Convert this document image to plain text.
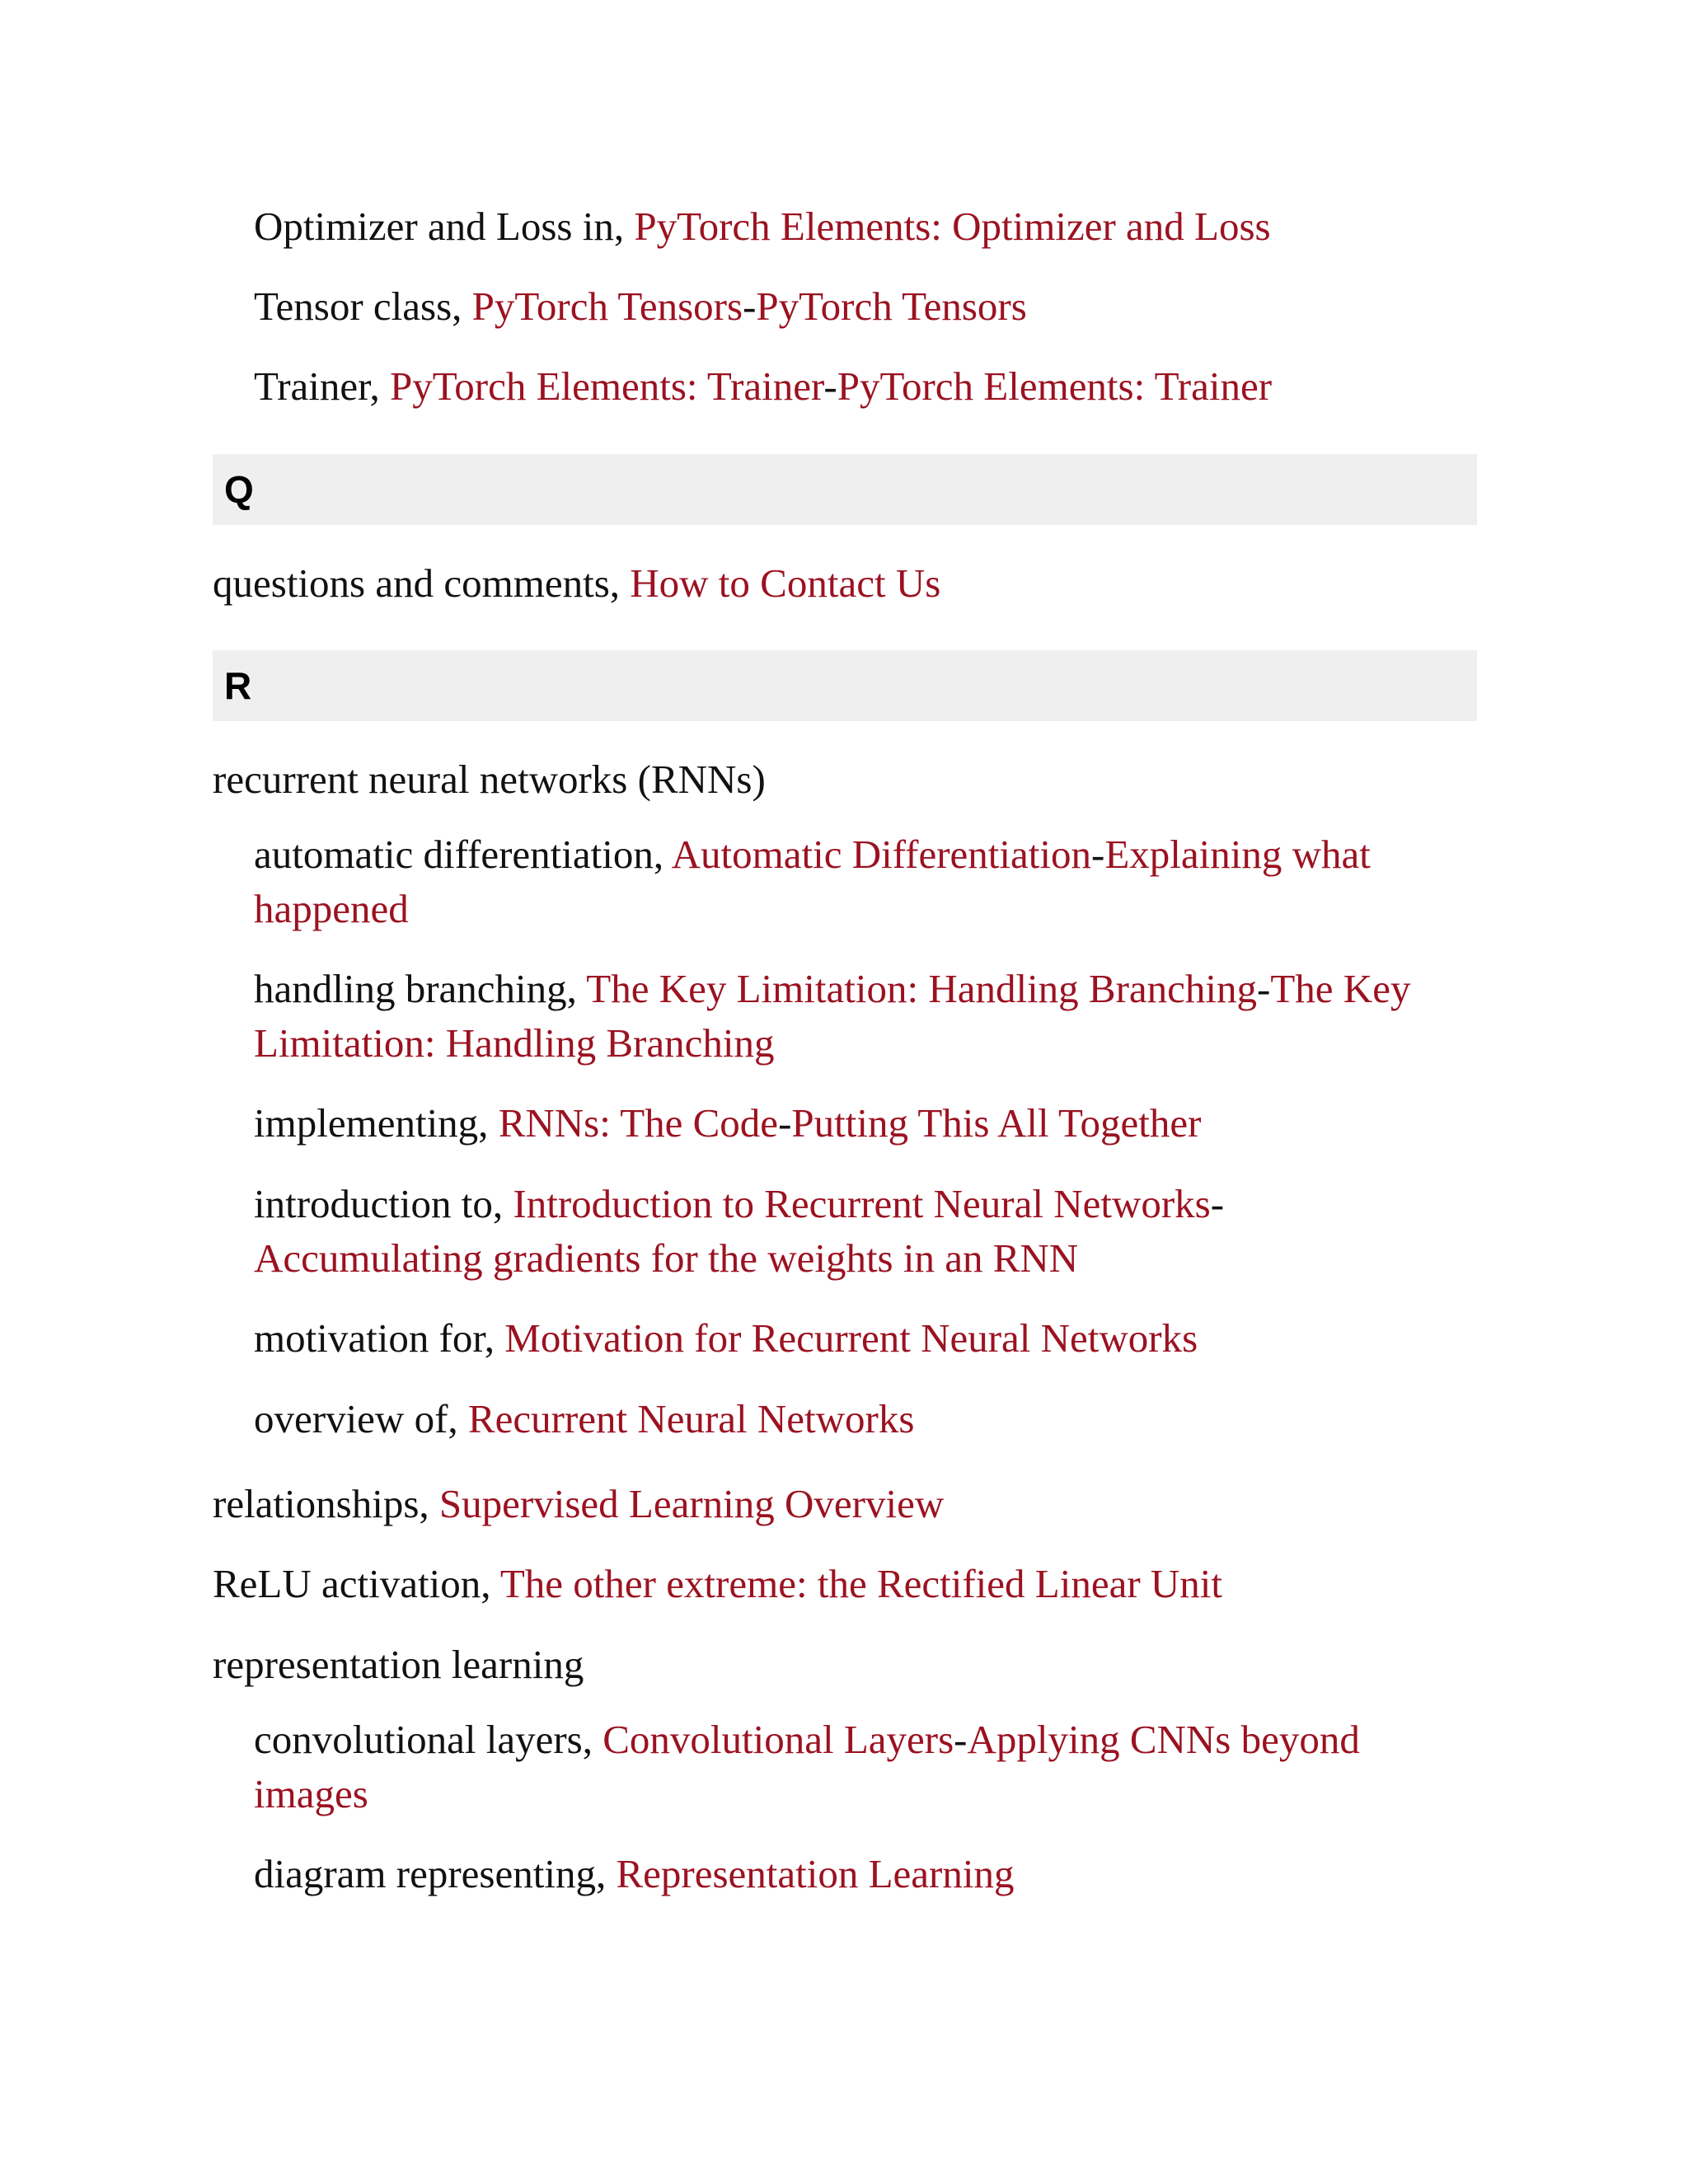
Optimizer and Loss in, PyTorch Elements: Optimizer and Loss
Tensor class, PyTorch Tensors-PyTorch Tensors
Trainer, PyTorch Elements: Trainer-PyTorch Elements: Trainer
Q
questions and comments, How to Contact Us
R
recurrent neural networks (RNNs)
automatic differentiation, Automatic Differentiation-Explaining what
happened
handling branching, The Key Limitation: Handling Branching-The Key
Limitation: Handling Branching
implementing, RNNs: The Code-Putting This All Together
introduction to, Introduction to Recurrent Neural Networks-
Accumulating gradients for the weights in an RNN
motivation for, Motivation for Recurrent Neural Networks
overview of, Recurrent Neural Networks
relationships, Supervised Learning Overview
ReLU activation, The other extreme: the Rectified Linear Unit
representation learning
convolutional layers, Convolutional Layers-Applying CNNs beyond
images
diagram representing, Representation Learning
